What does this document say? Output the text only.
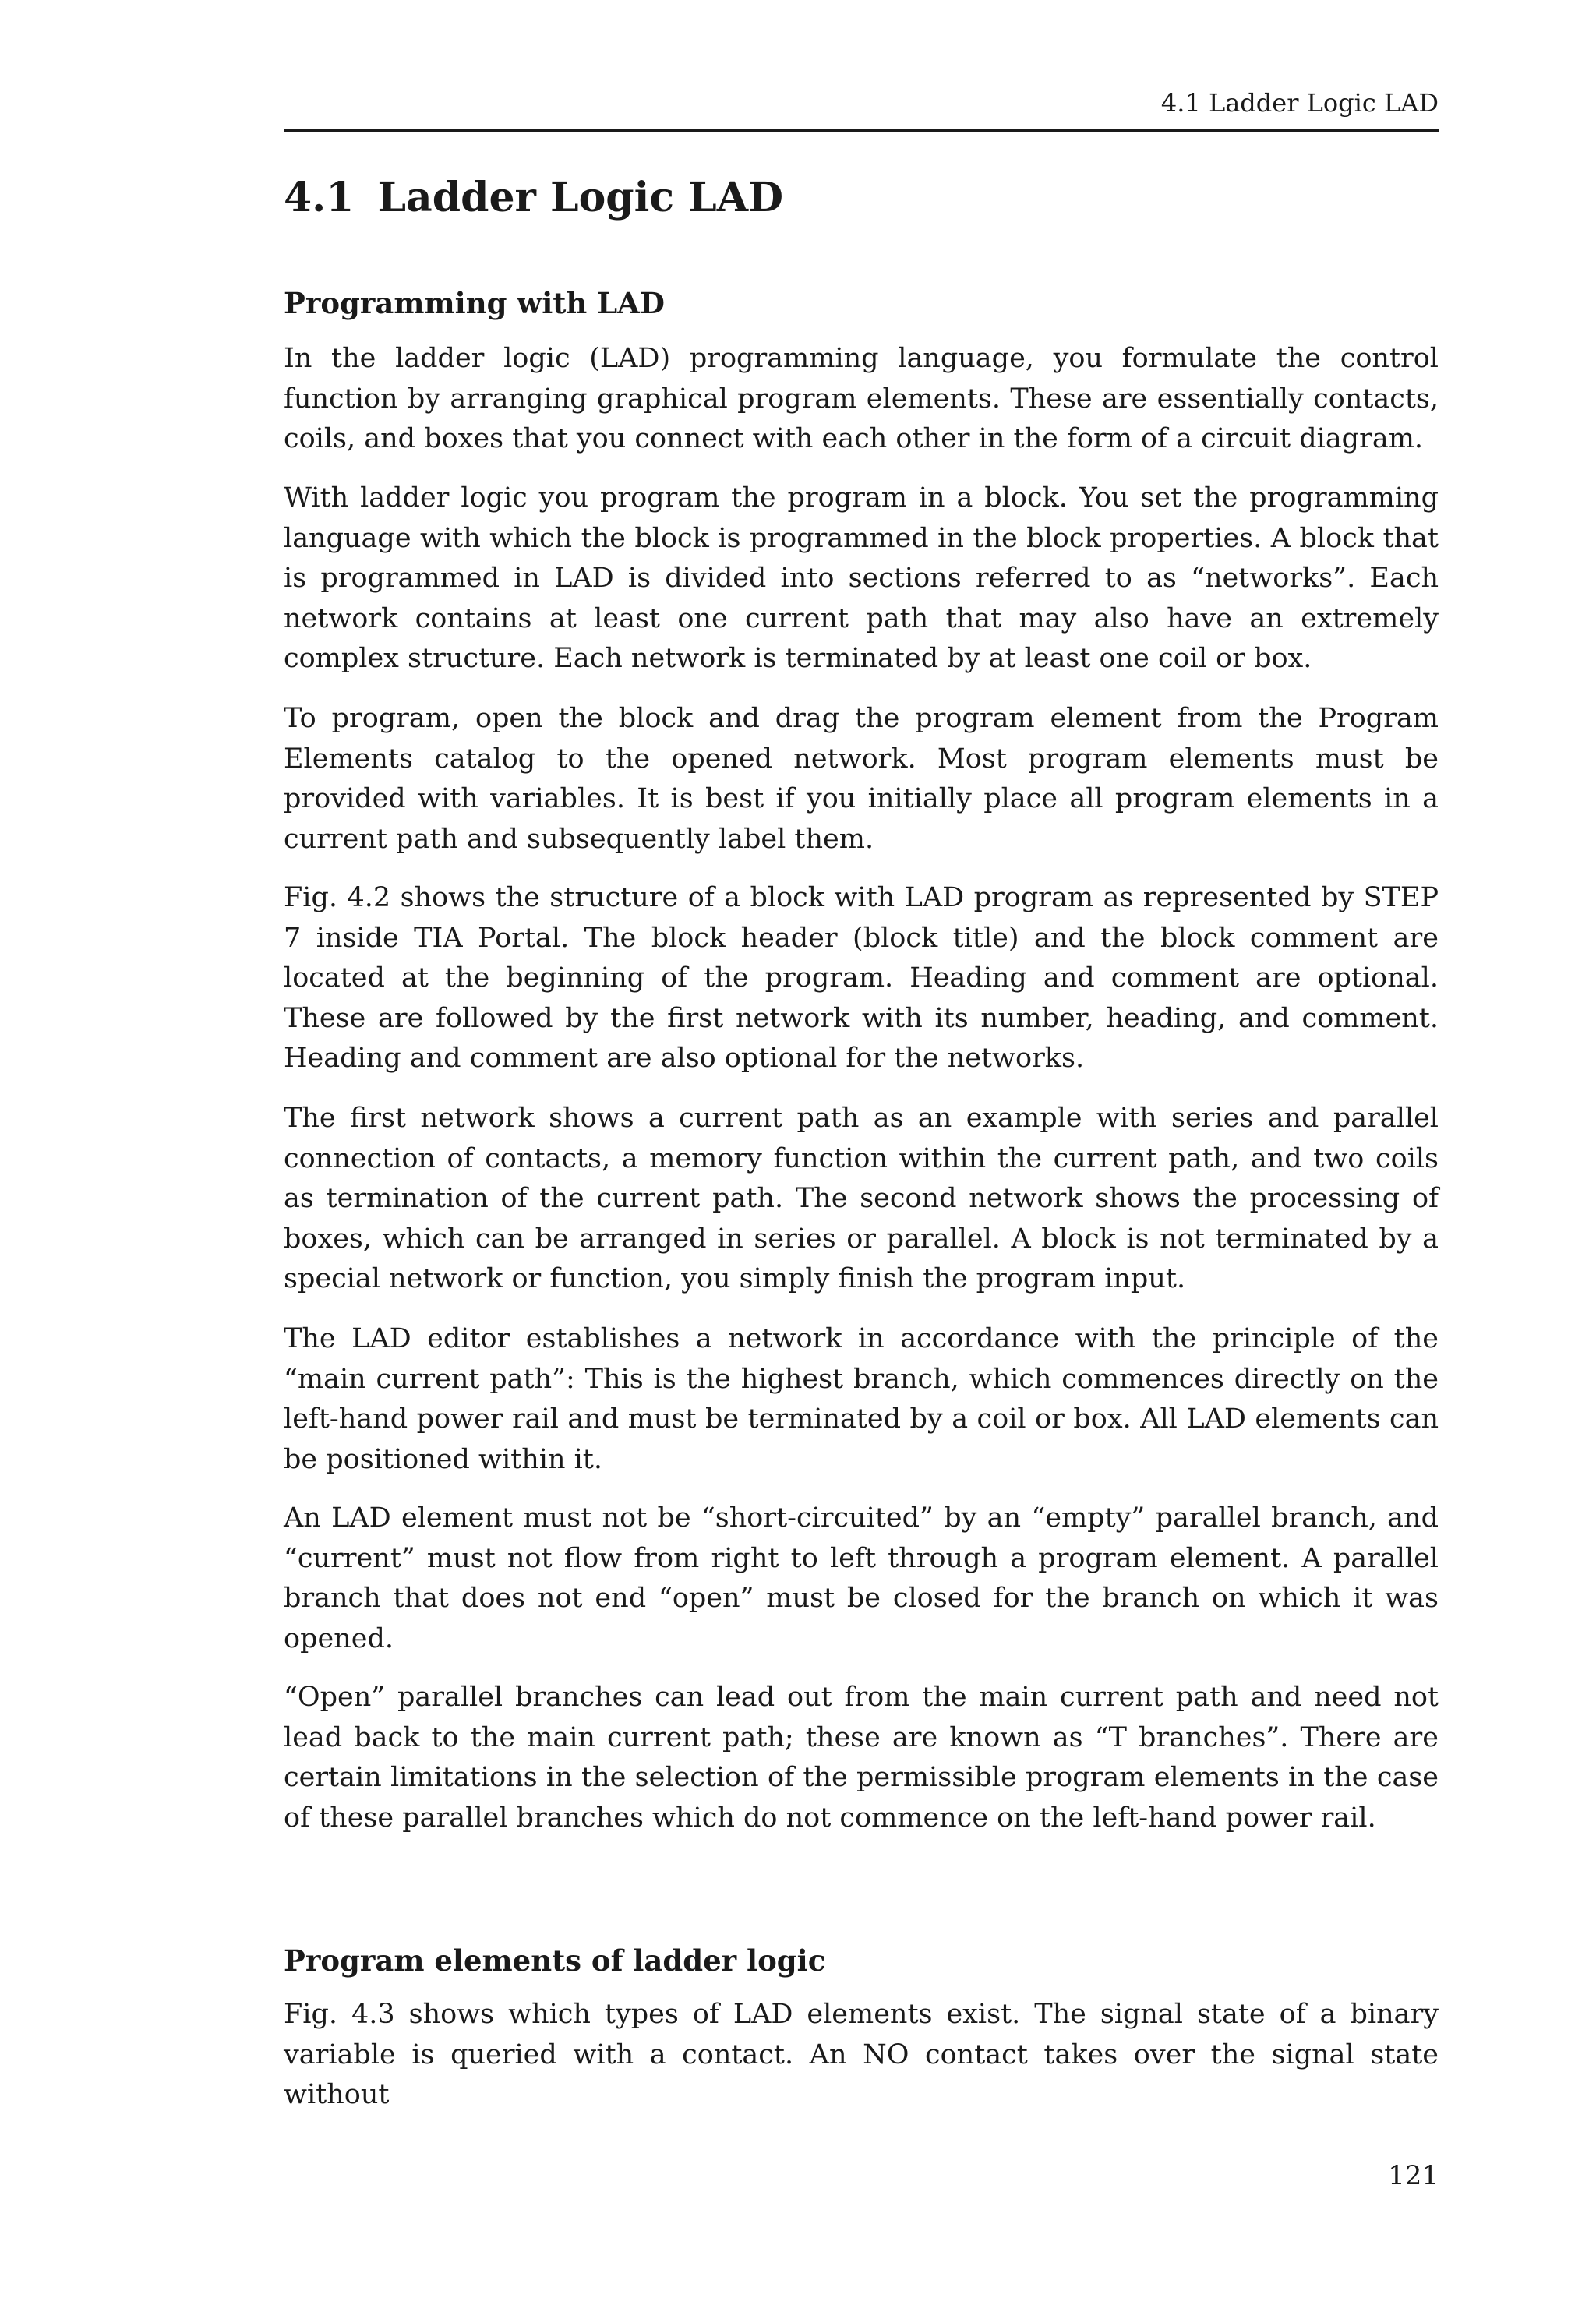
4.1 Ladder Logic LAD
4.1 Ladder Logic LAD
Programming with LAD

In the ladder logic (LAD) programming language, you formulate the control function by arranging graphical program elements. These are essentially contacts, coils, and boxes that you connect with each other in the form of a circuit diagram.

With ladder logic you program the program in a block. You set the programming language with which the block is programmed in the block properties. A block that is programmed in LAD is divided into sections referred to as “networks”. Each network contains at least one current path that may also have an extremely complex structure. Each network is terminated by at least one coil or box.

To program, open the block and drag the program element from the Program Elements catalog to the opened network. Most program elements must be provided with variables. It is best if you initially place all program elements in a current path and subsequently label them.

Fig. 4.2 shows the structure of a block with LAD program as represented by STEP 7 inside TIA Portal. The block header (block title) and the block comment are located at the beginning of the program. Heading and comment are optional. These are followed by the first network with its number, heading, and comment. Heading and comment are also optional for the networks.

The first network shows a current path as an example with series and parallel connection of contacts, a memory function within the current path, and two coils as termination of the current path. The second network shows the processing of boxes, which can be arranged in series or parallel. A block is not terminated by a special network or function, you simply finish the program input.

The LAD editor establishes a network in accordance with the principle of the “main current path”: This is the highest branch, which commences directly on the left-hand power rail and must be terminated by a coil or box. All LAD elements can be positioned within it.

An LAD element must not be “short-circuited” by an “empty” parallel branch, and “current” must not flow from right to left through a program element. A parallel branch that does not end “open” must be closed for the branch on which it was opened.

“Open” parallel branches can lead out from the main current path and need not lead back to the main current path; these are known as “T branches”. There are certain limitations in the selection of the permissible program elements in the case of these parallel branches which do not commence on the left-hand power rail.

Program elements of ladder logic

Fig. 4.3 shows which types of LAD elements exist. The signal state of a binary variable is queried with a contact. An NO contact takes over the signal state without

121
